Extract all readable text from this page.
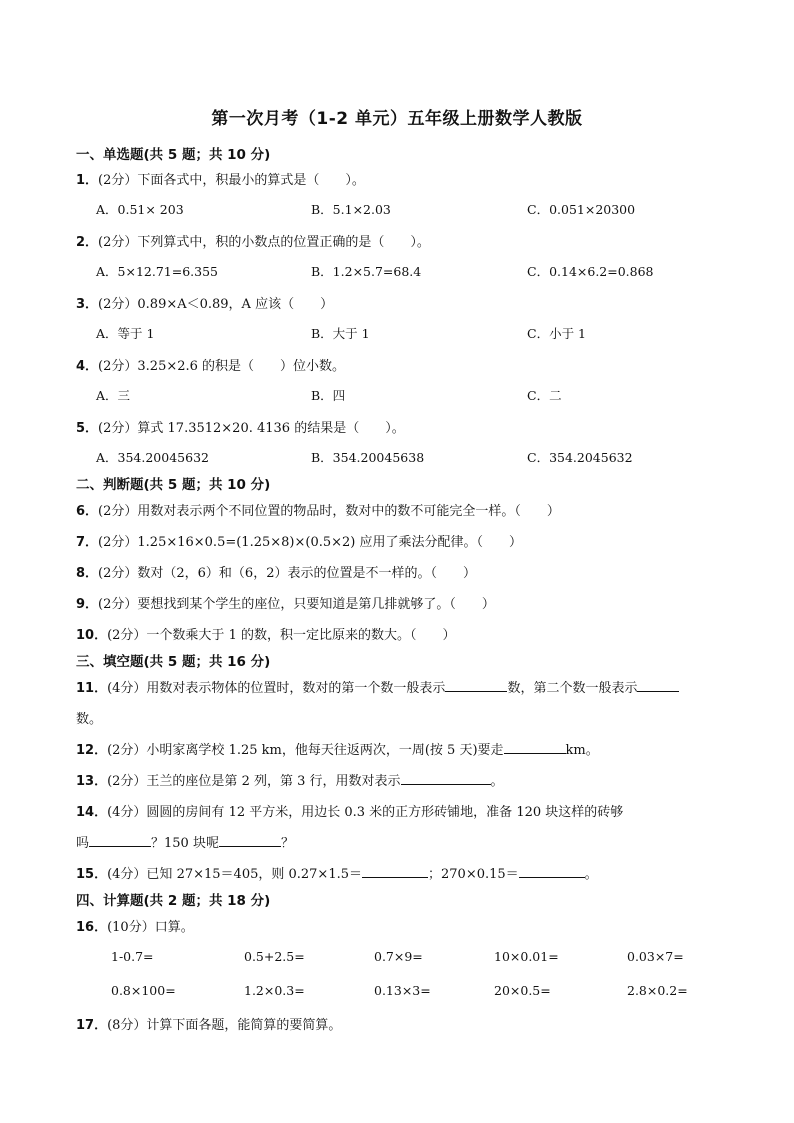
第一次月考（1-2 单元）五年级上册数学人教版
一、单选题(共 5 题；共 10 分)
1．(2分）下面各式中，积最小的算式是（　　）。
A．0.51× 203	B．5.1×2.03	C．0.051×20300
2．(2分）下列算式中，积的小数点的位置正确的是（　　）。
A．5×12.71=6.355	B．1.2×5.7=68.4	C．0.14×6.2=0.868
3．(2分）0.89×A＜0.89，A 应该（　　）
A．等于 1	B．大于 1	C．小于 1
4．(2分）3.25×2.6 的积是（　　）位小数。
A．三	B．四	C．二
5．(2分）算式 17.3512×20. 4136 的结果是（　　）。
A．354.20045632	B．354.20045638	C．354.2045632
二、判断题(共 5 题；共 10 分)
6．(2分）用数对表示两个不同位置的物品时，数对中的数不可能完全一样。（　　）
7．(2分）1.25×16×0.5=(1.25×8)×(0.5×2) 应用了乘法分配律。（　　）
8．(2分）数对（2，6）和（6，2）表示的位置是不一样的。（　　）
9．(2分）要想找到某个学生的座位，只要知道是第几排就够了。（　　）
10．(2分）一个数乘大于 1 的数，积一定比原来的数大。（　　）
三、填空题(共 5 题；共 16 分)
11．(4分）用数对表示物体的位置时，数对的第一个数一般表示	数，第二个数一般表示
数。
12．(2分）小明家离学校 1.25 km，他每天往返两次，一周(按 5 天)要走	km。
13．(2分）王兰的座位是第 2 列，第 3 行，用数对表示	。
14．(4分）圆圆的房间有 12 平方米，用边长 0.3 米的正方形砖铺地，准备 120 块这样的砖够
吗	？150 块呢	？
15．(4分）已知 27×15＝405，则 0.27×1.5＝	；270×0.15＝	。
四、计算题(共 2 题；共 18 分)
16．(10分）口算。
1-0.7=	0.5+2.5=	0.7×9=	10×0.01=	0.03×7=
0.8×100=	1.2×0.3=	0.13×3=	20×0.5=	2.8×0.2=
17．(8分）计算下面各题，能简算的要简算。
